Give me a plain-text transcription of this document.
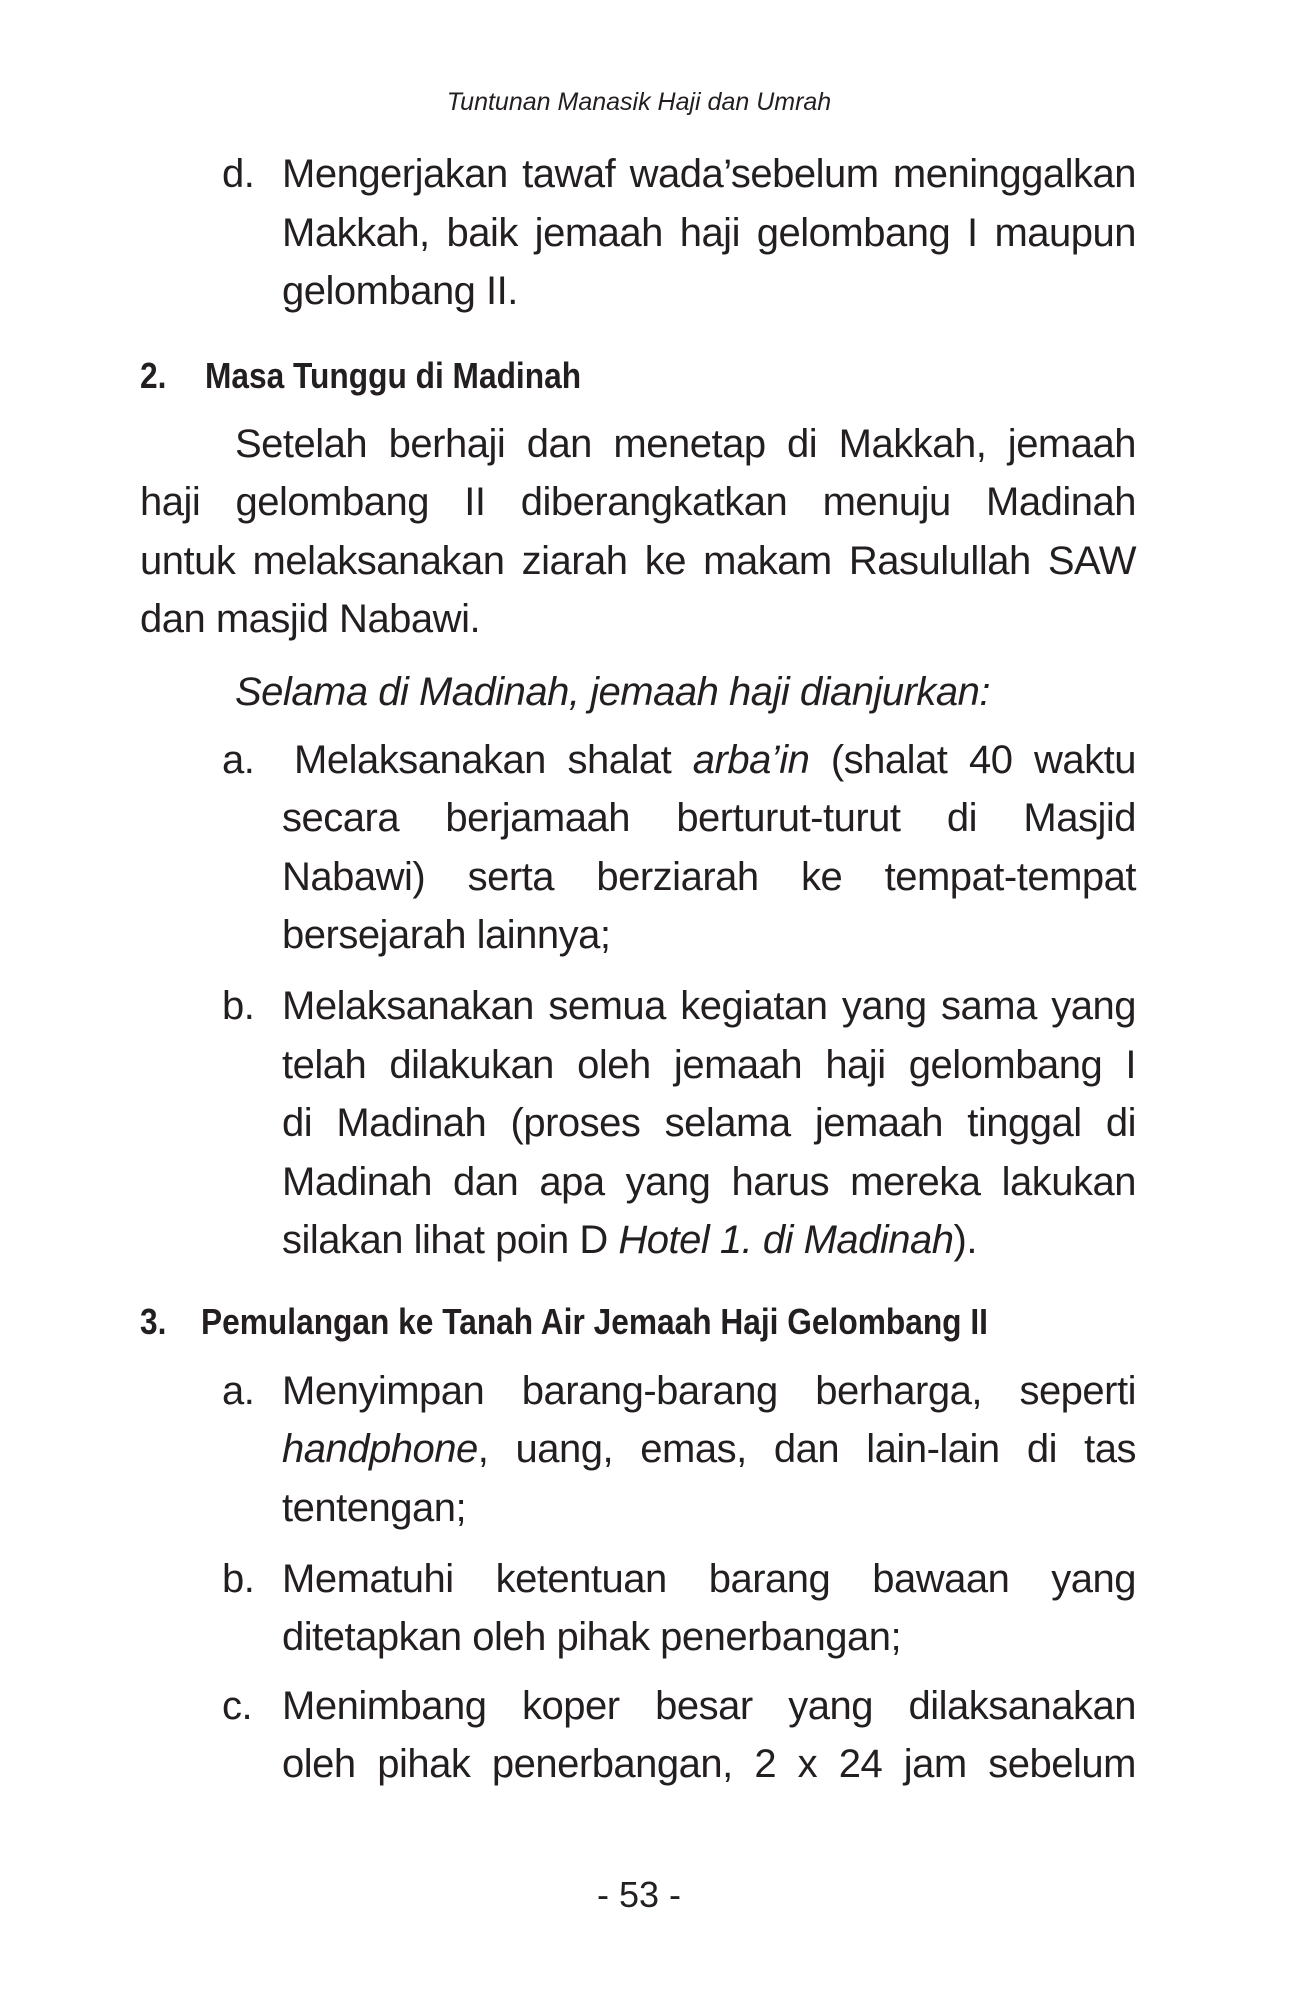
Tuntunan Manasik Haji dan Umrah
d. Mengerjakan tawaf wada’sebelum meninggalkan
Makkah, baik jemaah haji gelombang I maupun
gelombang II.
2. Masa Tunggu di Madinah
Setelah berhaji dan menetap di Makkah, jemaah
haji gelombang II diberangkatkan menuju Madinah
untuk melaksanakan ziarah ke makam Rasulullah SAW
dan masjid Nabawi.
Selama di Madinah, jemaah haji dianjurkan:
a. Melaksanakan shalat arba’in (shalat 40 waktu
secara berjamaah berturut-turut di Masjid
Nabawi) serta berziarah ke tempat-tempat
bersejarah lainnya;
b. Melaksanakan semua kegiatan yang sama yang
telah dilakukan oleh jemaah haji gelombang I
di Madinah (proses selama jemaah tinggal di
Madinah dan apa yang harus mereka lakukan
silakan lihat poin D Hotel 1. di Madinah).
3. Pemulangan ke Tanah Air Jemaah Haji Gelombang II
a. Menyimpan barang-barang berharga, seperti
handphone, uang, emas, dan lain-lain di tas
tentengan;
b. Mematuhi ketentuan barang bawaan yang
ditetapkan oleh pihak penerbangan;
c. Menimbang koper besar yang dilaksanakan
oleh pihak penerbangan, 2 x 24 jam sebelum
- 53 -
